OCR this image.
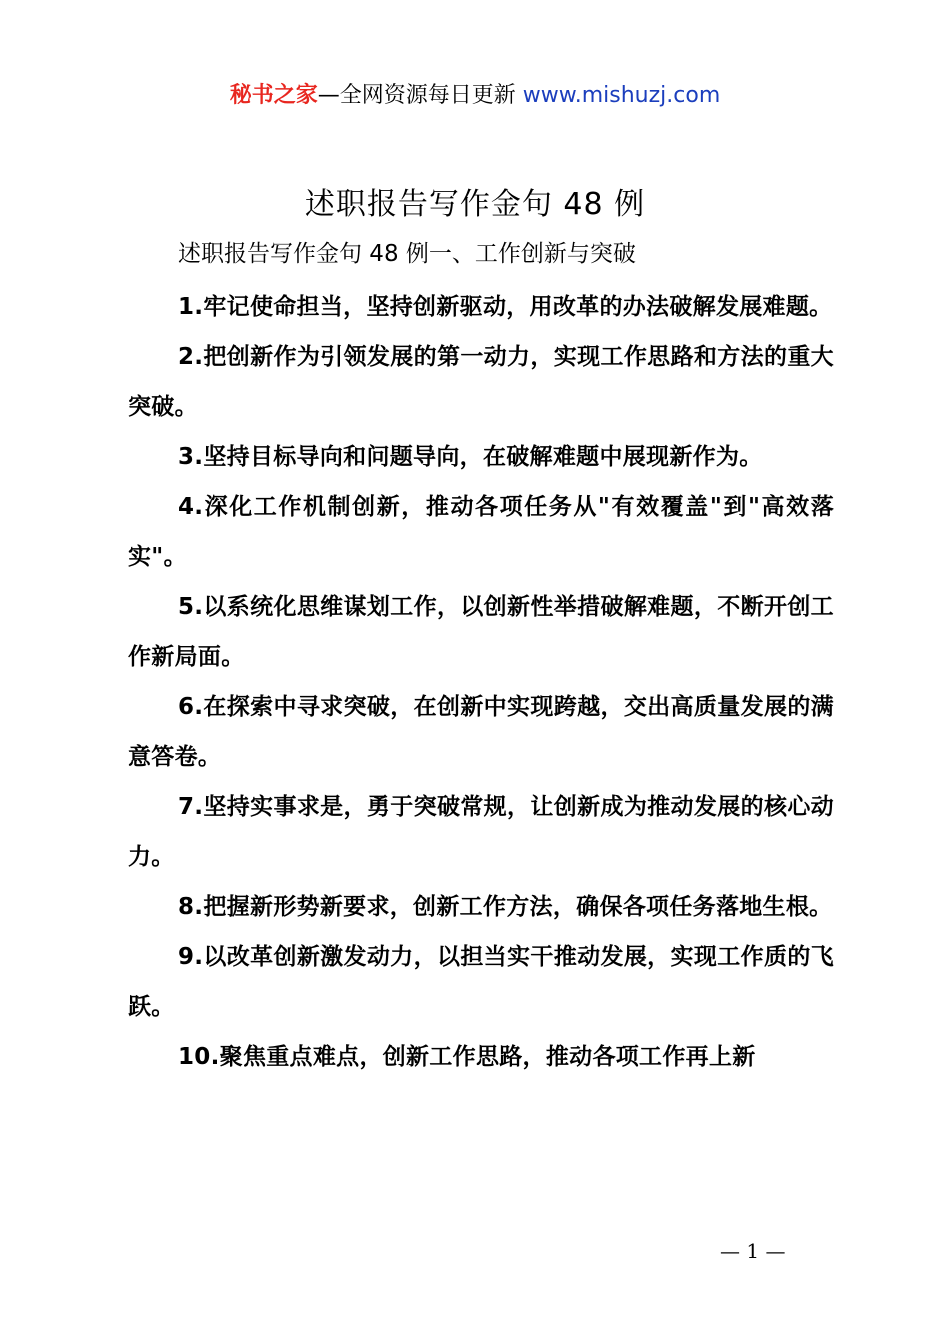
秘书之家—全网资源每日更新 www.mishuzj.com
述职报告写作金句 48 例
述职报告写作金句 48 例一、工作创新与突破

1.牢记使命担当，坚持创新驱动，用改革的办法破解发展难题。

2.把创新作为引领发展的第一动力，实现工作思路和方法的重大突破。

3.坚持目标导向和问题导向，在破解难题中展现新作为。

4.深化工作机制创新，推动各项任务从"有效覆盖"到"高效落实"。

5.以系统化思维谋划工作，以创新性举措破解难题，不断开创工作新局面。

6.在探索中寻求突破，在创新中实现跨越，交出高质量发展的满意答卷。

7.坚持实事求是，勇于突破常规，让创新成为推动发展的核心动力。

8.把握新形势新要求，创新工作方法，确保各项任务落地生根。

9.以改革创新激发动力，以担当实干推动发展，实现工作质的飞跃。

10.聚焦重点难点，创新工作思路，推动各项工作再上新

— 1 —
